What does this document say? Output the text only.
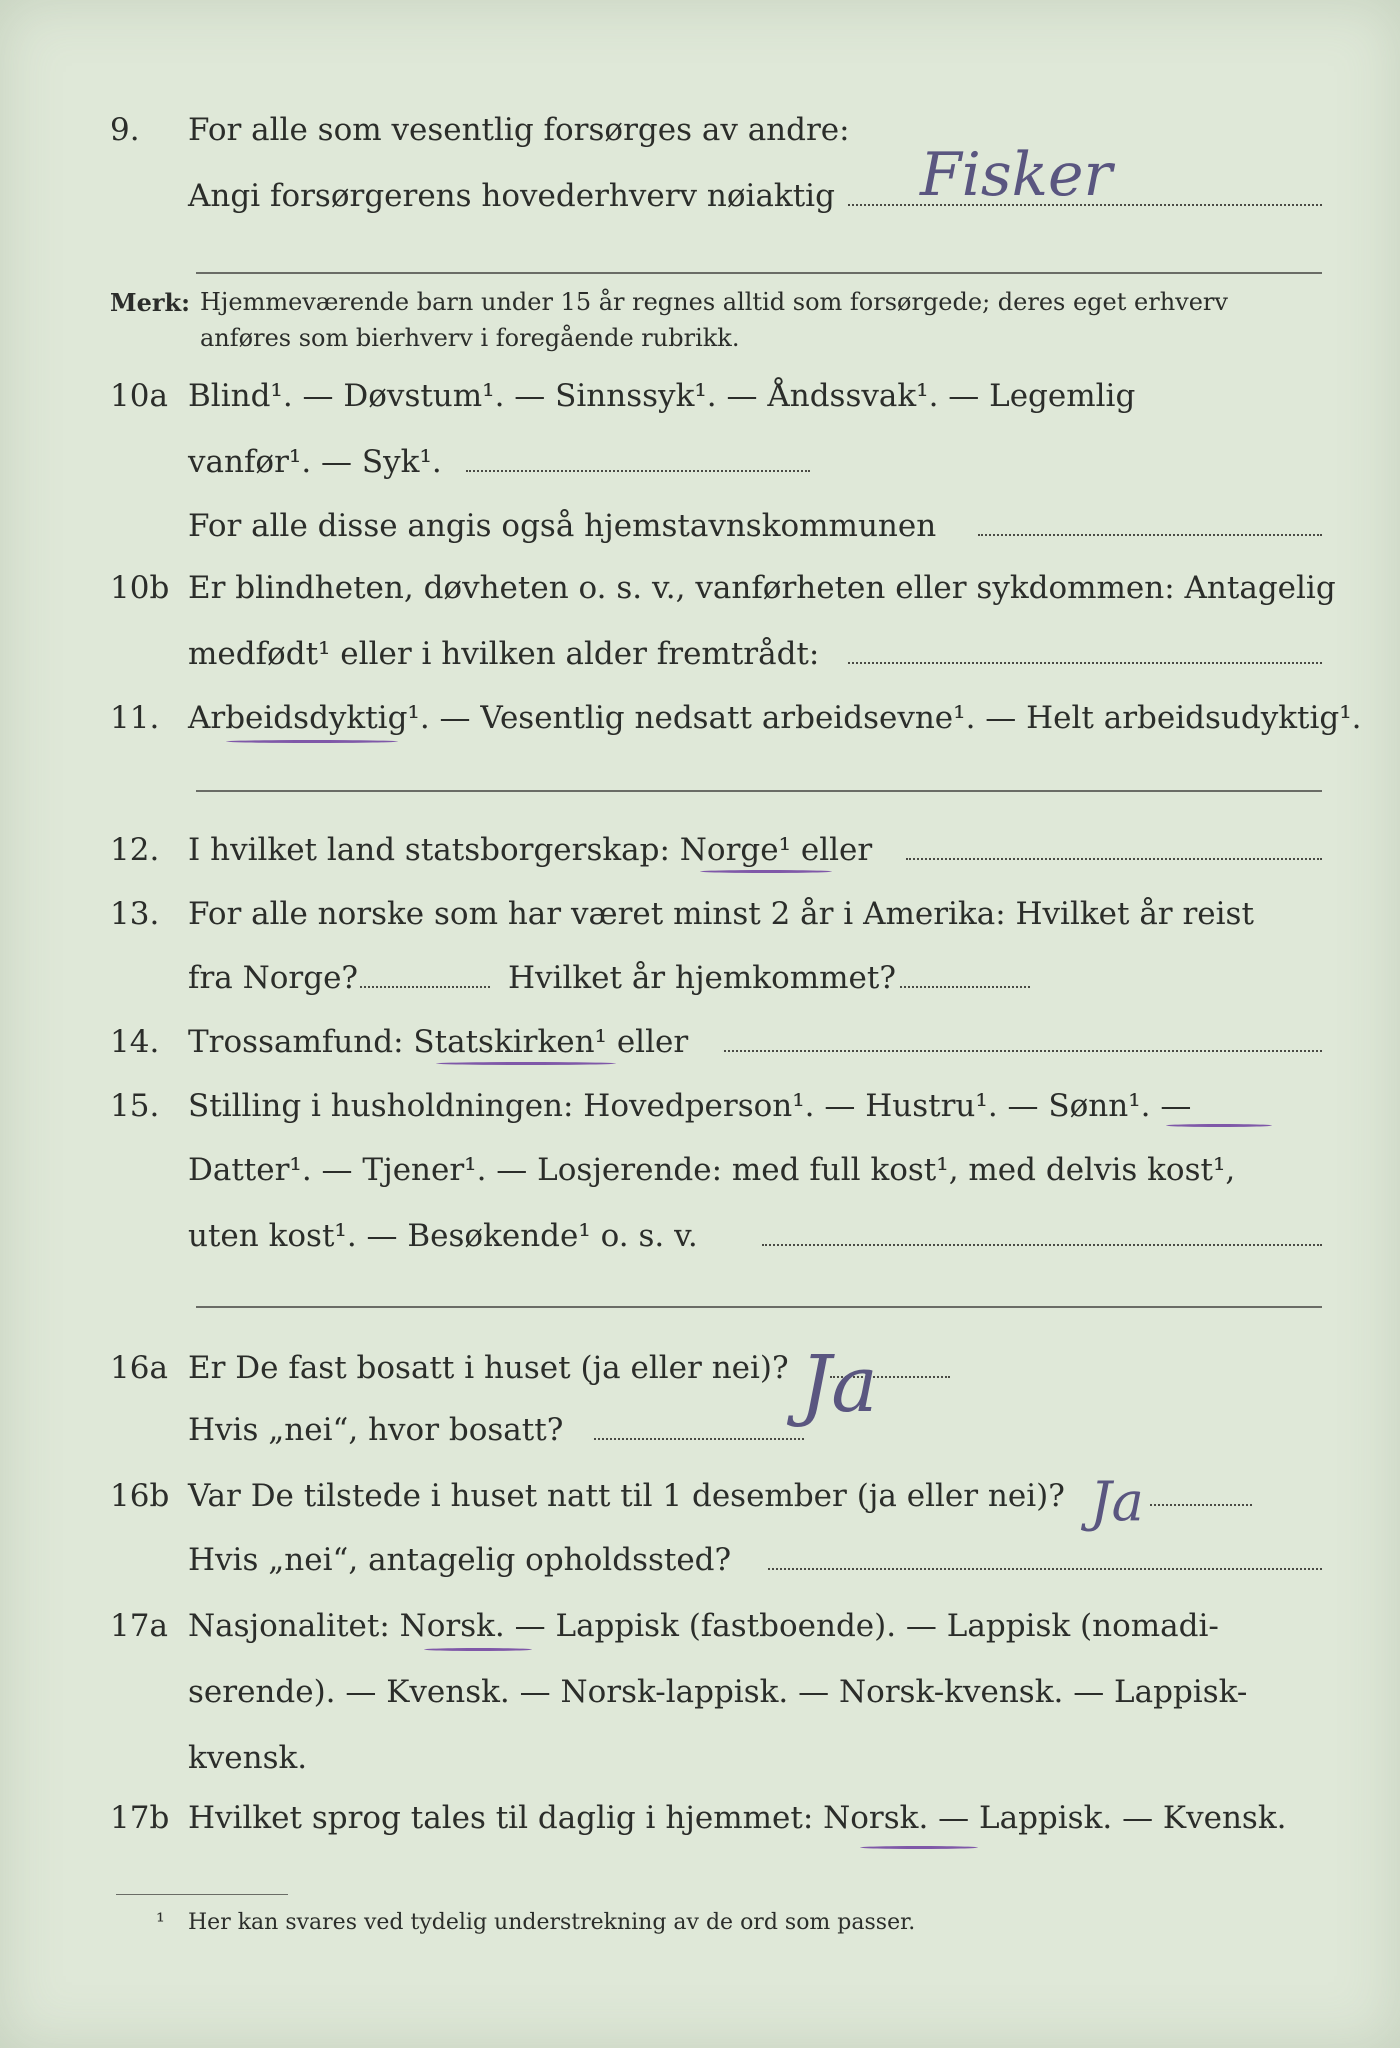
9. For alle som vesentlig forsørges av andre:
Angi forsørgerens hovederhverv nøiaktig Fisker
Merk: Hjemmeværende barn under 15 år regnes alltid som forsørgede; deres eget erhverv
anføres som bierhverv i foregående rubrikk.
10a Blind¹. — Døvstum¹. — Sinnssyk¹. — Åndssvak¹. — Legemlig
vanfør¹. — Syk¹.
For alle disse angis også hjemstavnskommunen
10b Er blindheten, døvheten o. s. v., vanførheten eller sykdommen: Antagelig
medfødt¹ eller i hvilken alder fremtrådt:
11. Arbeidsdyktig¹. — Vesentlig nedsatt arbeidsevne¹. — Helt arbeidsudyktig¹.
12. I hvilket land statsborgerskap: Norge¹ eller
13. For alle norske som har været minst 2 år i Amerika: Hvilket år reist
fra Norge?	Hvilket år hjemkommet?
14. Trossamfund: Statskirken¹ eller
15. Stilling i husholdningen: Hovedperson¹. — Hustru¹. — Sønn¹. —
Datter¹. — Tjener¹. — Losjerende: med full kost¹, med delvis kost¹,
uten kost¹. — Besøkende¹ o. s. v.
16a Er De fast bosatt i huset (ja eller nei)? Ja
Hvis „nei“, hvor bosatt?
16b Var De tilstede i huset natt til 1 desember (ja eller nei)? Ja
Hvis „nei“, antagelig opholdssted?
17a Nasjonalitet: Norsk. — Lappisk (fastboende). — Lappisk (nomadi-
serende). — Kvensk. — Norsk-lappisk. — Norsk-kvensk. — Lappisk-
kvensk.
17b Hvilket sprog tales til daglig i hjemmet: Norsk. — Lappisk. — Kvensk.
¹ Her kan svares ved tydelig understrekning av de ord som passer.
